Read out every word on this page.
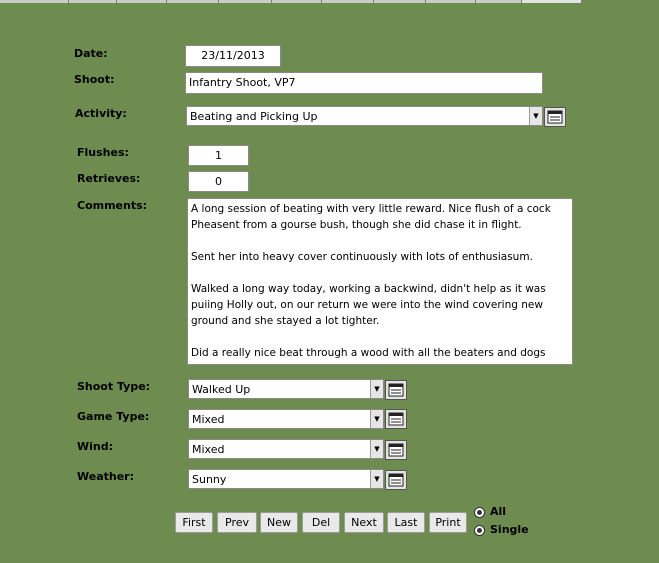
Date:	23/11/2013
Shoot:	Infantry Shoot, VP7
Activity:	Beating and Picking Up	▼
Flushes:	1
Retrieves:	0
Comments:	A long session of beating with very little reward. Nice flush of a cock Pheasent from a gourse bush, though she did chase it in flight.

Sent her into heavy cover continuously with lots of enthusiasum.

Walked a long way today, working a backwind, didn't help as it was puiing Holly out, on our return we were into the wind covering new ground and she stayed a lot tighter.

Did a really nice beat through a wood with all the beaters and dogs

Shoot Type:	Walked Up	▼
Game Type:	Mixed	▼
Wind:	Mixed	▼
Weather:	Sunny	▼
First	Prev	New	Del	Next	Last	Print
All
Single
